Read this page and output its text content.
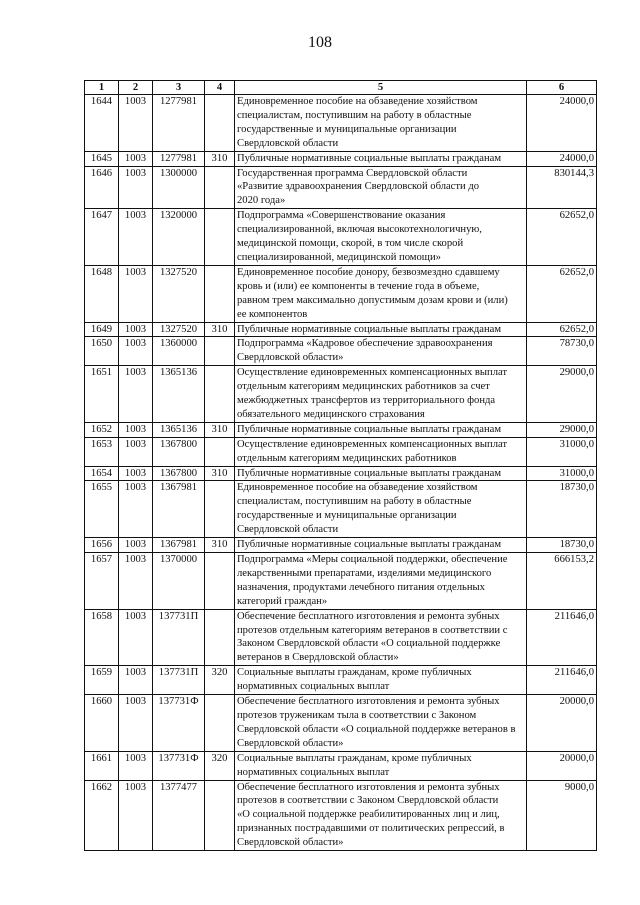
108
1	2	3	4	5	6
1644	1003	1277981		Единовременное пособие на обзаведение хозяйством
специалистам, поступившим на работу в областные
государственные и муниципальные организации
Свердловской области	24000,0
1645	1003	1277981	310	Публичные нормативные социальные выплаты гражданам	24000,0
1646	1003	1300000		Государственная программа Свердловской области
«Развитие здравоохранения Свердловской области до
2020 года»	830144,3
1647	1003	1320000		Подпрограмма «Совершенствование оказания
специализированной, включая высокотехнологичную,
медицинской помощи, скорой, в том числе скорой
специализированной, медицинской помощи»	62652,0
1648	1003	1327520		Единовременное пособие донору, безвозмездно сдавшему
кровь и (или) ее компоненты в течение года в объеме,
равном трем максимально допустимым дозам крови и (или)
ее компонентов	62652,0
1649	1003	1327520	310	Публичные нормативные социальные выплаты гражданам	62652,0
1650	1003	1360000		Подпрограмма «Кадровое обеспечение здравоохранения
Свердловской области»	78730,0
1651	1003	1365136		Осуществление единовременных компенсационных выплат
отдельным категориям медицинских работников за счет
межбюджетных трансфертов из территориального фонда
обязательного медицинского страхования	29000,0
1652	1003	1365136	310	Публичные нормативные социальные выплаты гражданам	29000,0
1653	1003	1367800		Осуществление единовременных компенсационных выплат
отдельным категориям медицинских работников	31000,0
1654	1003	1367800	310	Публичные нормативные социальные выплаты гражданам	31000,0
1655	1003	1367981		Единовременное пособие на обзаведение хозяйством
специалистам, поступившим на работу в областные
государственные и муниципальные организации
Свердловской области	18730,0
1656	1003	1367981	310	Публичные нормативные социальные выплаты гражданам	18730,0
1657	1003	1370000		Подпрограмма «Меры социальной поддержки, обеспечение
лекарственными препаратами, изделиями медицинского
назначения, продуктами лечебного питания отдельных
категорий граждан»	666153,2
1658	1003	137731П		Обеспечение бесплатного изготовления и ремонта зубных
протезов отдельным категориям ветеранов в соответствии с
Законом Свердловской области «О социальной поддержке
ветеранов в Свердловской области»	211646,0
1659	1003	137731П	320	Социальные выплаты гражданам, кроме публичных
нормативных социальных выплат	211646,0
1660	1003	137731Ф		Обеспечение бесплатного изготовления и ремонта зубных
протезов труженикам тыла в соответствии с Законом
Свердловской области «О социальной поддержке ветеранов в
Свердловской области»	20000,0
1661	1003	137731Ф	320	Социальные выплаты гражданам, кроме публичных
нормативных социальных выплат	20000,0
1662	1003	1377477		Обеспечение бесплатного изготовления и ремонта зубных
протезов в соответствии с Законом Свердловской области
«О социальной поддержке реабилитированных лиц и лиц,
признанных пострадавшими от политических репрессий, в
Свердловской области»	9000,0
